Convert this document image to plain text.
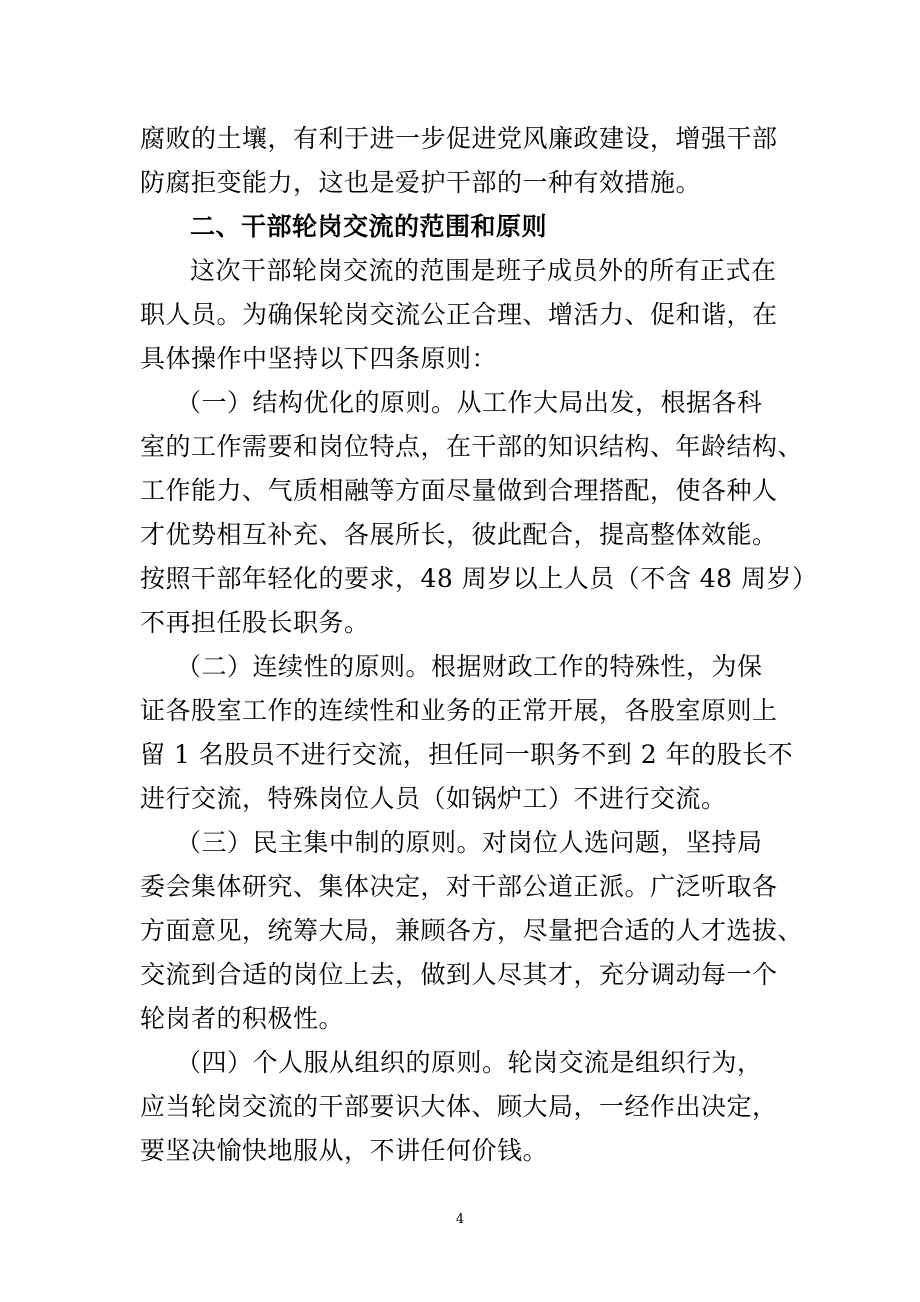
腐败的土壤，有利于进一步促进党风廉政建设，增强干部
防腐拒变能力，这也是爱护干部的一种有效措施。
二、干部轮岗交流的范围和原则
这次干部轮岗交流的范围是班子成员外的所有正式在
职人员。为确保轮岗交流公正合理、增活力、促和谐，在
具体操作中坚持以下四条原则：
（一）结构优化的原则。从工作大局出发，根据各科
室的工作需要和岗位特点，在干部的知识结构、年龄结构、
工作能力、气质相融等方面尽量做到合理搭配，使各种人
才优势相互补充、各展所长，彼此配合，提高整体效能。
按照干部年轻化的要求，48 周岁以上人员（不含 48 周岁）
不再担任股长职务。
（二）连续性的原则。根据财政工作的特殊性，为保
证各股室工作的连续性和业务的正常开展，各股室原则上
留 1 名股员不进行交流，担任同一职务不到 2 年的股长不
进行交流，特殊岗位人员（如锅炉工）不进行交流。
（三）民主集中制的原则。对岗位人选问题，坚持局
委会集体研究、集体决定，对干部公道正派。广泛听取各
方面意见，统筹大局，兼顾各方，尽量把合适的人才选拔、
交流到合适的岗位上去，做到人尽其才，充分调动每一个
轮岗者的积极性。
（四）个人服从组织的原则。轮岗交流是组织行为，
应当轮岗交流的干部要识大体、顾大局，一经作出决定，
要坚决愉快地服从，不讲任何价钱。
4
